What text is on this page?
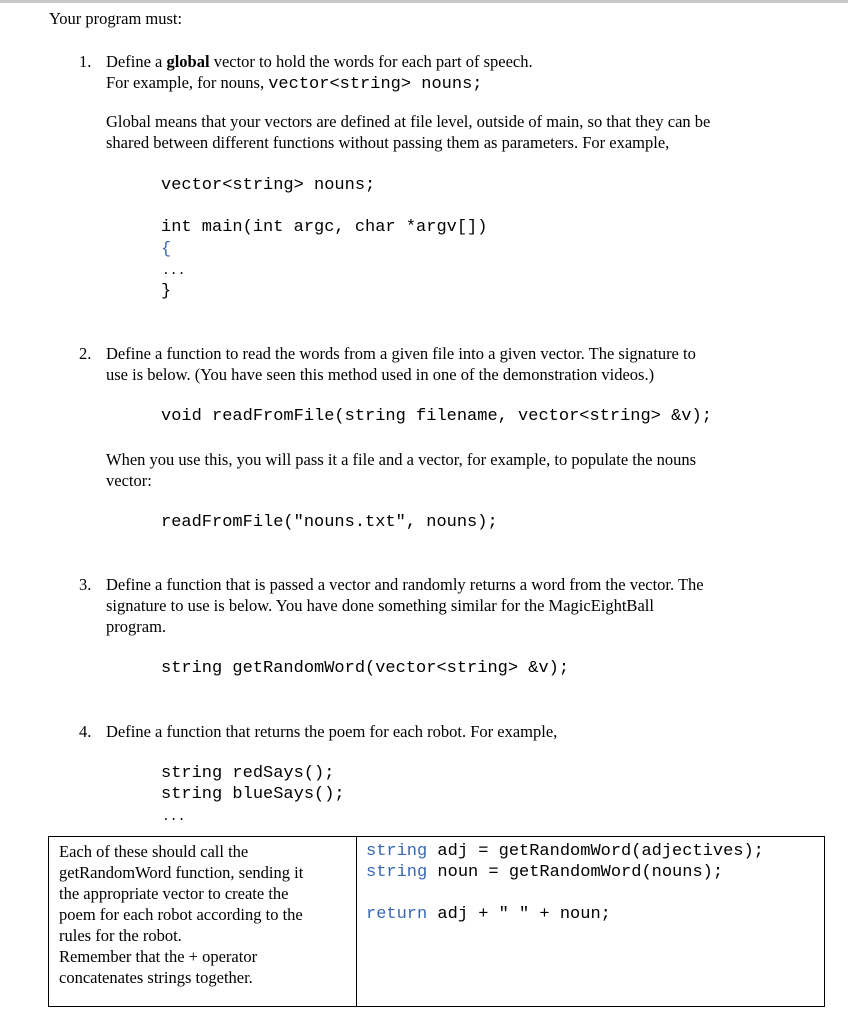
Your program must:
1. Define a global vector to hold the words for each part of speech.
For example, for nouns, vector<string> nouns;
Global means that your vectors are defined at file level, outside of main, so that they can be
shared between different functions without passing them as parameters. For example,
vector<string> nouns;
int main(int argc, char *argv[])
{
...
}
2. Define a function to read the words from a given file into a given vector. The signature to
use is below. (You have seen this method used in one of the demonstration videos.)
void readFromFile(string filename, vector<string> &v);
When you use this, you will pass it a file and a vector, for example, to populate the nouns
vector:
readFromFile("nouns.txt", nouns);
3. Define a function that is passed a vector and randomly returns a word from the vector. The
signature to use is below. You have done something similar for the MagicEightBall
program.
string getRandomWord(vector<string> &v);
4. Define a function that returns the poem for each robot. For example,
string redSays();
string blueSays();
...
Each of these should call the
getRandomWord function, sending it
the appropriate vector to create the
poem for each robot according to the
rules for the robot.
Remember that the + operator
concatenates strings together.
string adj = getRandomWord(adjectives);
string noun = getRandomWord(nouns);
return adj + " " + noun;
